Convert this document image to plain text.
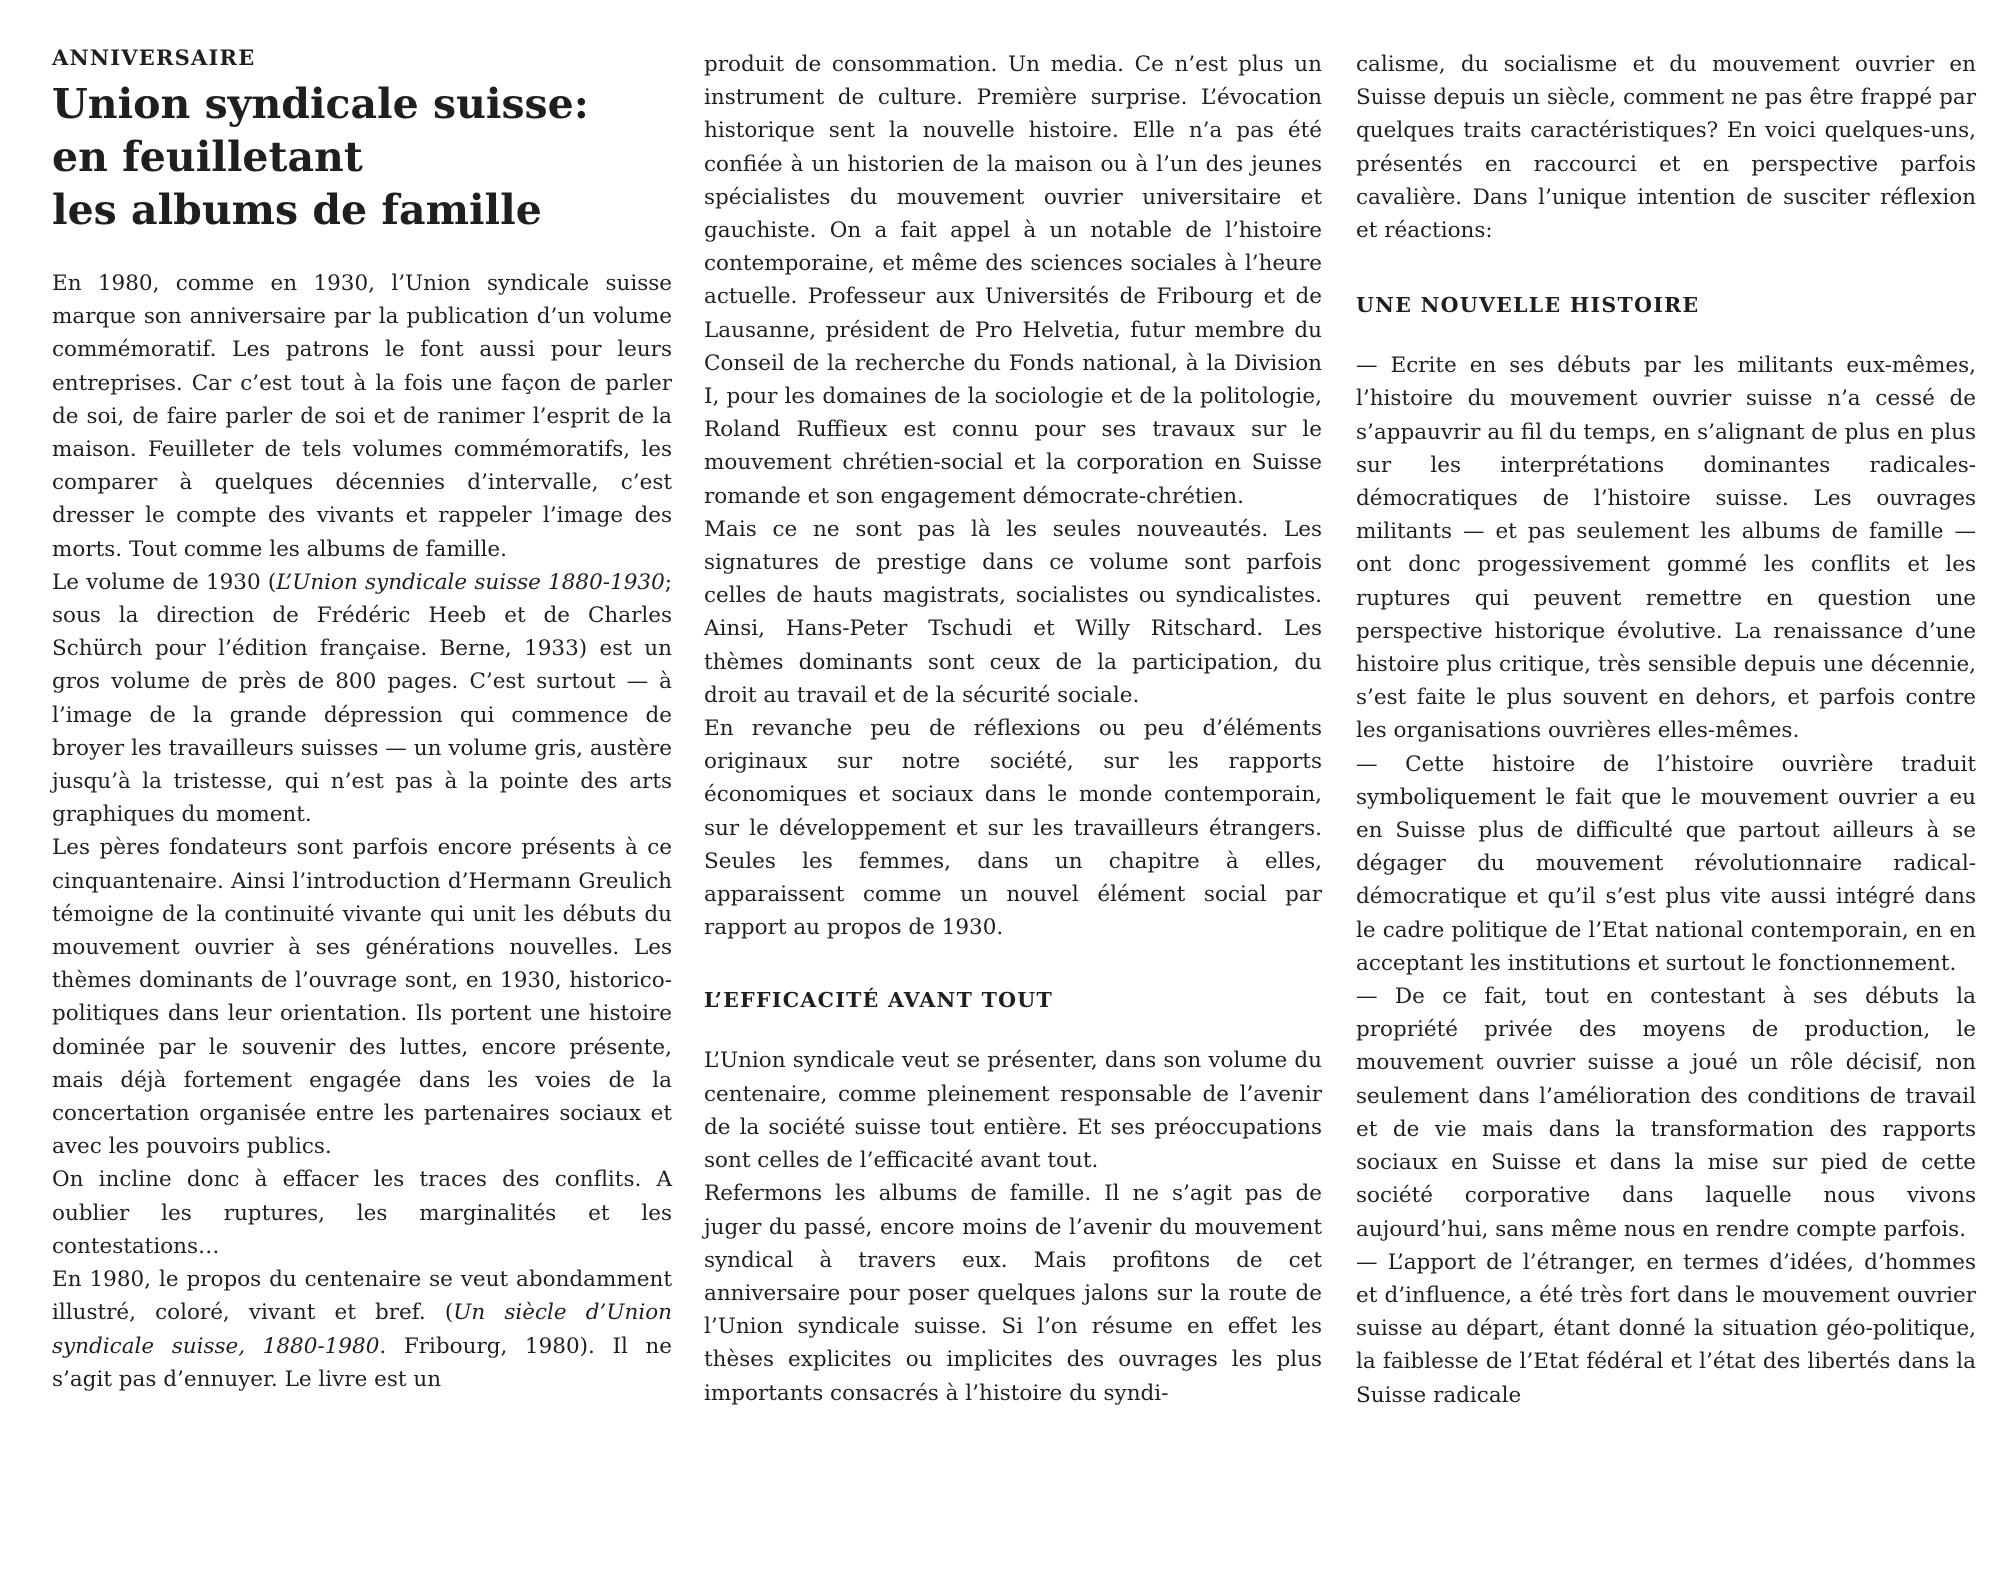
ANNIVERSAIRE
Union syndicale suisse:
en feuilletant
les albums de famille

En 1980, comme en 1930, l’Union syndicale suisse marque son anniversaire par la publication d’un volume commémoratif. Les patrons le font aussi pour leurs entreprises. Car c’est tout à la fois une façon de parler de soi, de faire parler de soi et de ranimer l’esprit de la maison. Feuilleter de tels volumes commémoratifs, les comparer à quelques décennies d’intervalle, c’est dresser le compte des vivants et rappeler l’image des morts. Tout comme les albums de famille.

Le volume de 1930 (L’Union syndicale suisse 1880-1930; sous la direction de Frédéric Heeb et de Charles Schürch pour l’édition française. Berne, 1933) est un gros volume de près de 800 pages. C’est surtout — à l’image de la grande dépression qui commence de broyer les travailleurs suisses — un volume gris, austère jusqu’à la tristesse, qui n’est pas à la pointe des arts graphiques du moment.

Les pères fondateurs sont parfois encore présents à ce cinquantenaire. Ainsi l’introduction d’Hermann Greulich témoigne de la continuité vivante qui unit les débuts du mouvement ouvrier à ses générations nouvelles. Les thèmes dominants de l’ouvrage sont, en 1930, historico-politiques dans leur orientation. Ils portent une histoire dominée par le souvenir des luttes, encore présente, mais déjà fortement engagée dans les voies de la concertation organisée entre les partenaires sociaux et avec les pouvoirs publics.

On incline donc à effacer les traces des conflits. A oublier les ruptures, les marginalités et les contestations…

En 1980, le propos du centenaire se veut abondamment illustré, coloré, vivant et bref. (Un siècle d’Union syndicale suisse, 1880-1980. Fribourg, 1980). Il ne s’agit pas d’ennuyer. Le livre est un

produit de consommation. Un media. Ce n’est plus un instrument de culture. Première surprise. L’évocation historique sent la nouvelle histoire. Elle n’a pas été confiée à un historien de la maison ou à l’un des jeunes spécialistes du mouvement ouvrier universitaire et gauchiste. On a fait appel à un notable de l’histoire contemporaine, et même des sciences sociales à l’heure actuelle. Professeur aux Universités de Fribourg et de Lausanne, président de Pro Helvetia, futur membre du Conseil de la recherche du Fonds national, à la Division I, pour les domaines de la sociologie et de la politologie, Roland Ruffieux est connu pour ses travaux sur le mouvement chrétien-social et la corporation en Suisse romande et son engagement démocrate-chrétien.

Mais ce ne sont pas là les seules nouveautés. Les signatures de prestige dans ce volume sont parfois celles de hauts magistrats, socialistes ou syndicalistes. Ainsi, Hans-Peter Tschudi et Willy Ritschard. Les thèmes dominants sont ceux de la participation, du droit au travail et de la sécurité sociale.

En revanche peu de réflexions ou peu d’éléments originaux sur notre société, sur les rapports économiques et sociaux dans le monde contemporain, sur le développement et sur les travailleurs étrangers. Seules les femmes, dans un chapitre à elles, apparaissent comme un nouvel élément social par rapport au propos de 1930.

L’EFFICACITÉ AVANT TOUT

L’Union syndicale veut se présenter, dans son volume du centenaire, comme pleinement responsable de l’avenir de la société suisse tout entière. Et ses préoccupations sont celles de l’efficacité avant tout.

Refermons les albums de famille. Il ne s’agit pas de juger du passé, encore moins de l’avenir du mouvement syndical à travers eux. Mais profitons de cet anniversaire pour poser quelques jalons sur la route de l’Union syndicale suisse. Si l’on résume en effet les thèses explicites ou implicites des ouvrages les plus importants consacrés à l’histoire du syndi-

calisme, du socialisme et du mouvement ouvrier en Suisse depuis un siècle, comment ne pas être frappé par quelques traits caractéristiques? En voici quelques-uns, présentés en raccourci et en perspective parfois cavalière. Dans l’unique intention de susciter réflexion et réactions:

UNE NOUVELLE HISTOIRE

— Ecrite en ses débuts par les militants eux-mêmes, l’histoire du mouvement ouvrier suisse n’a cessé de s’appauvrir au fil du temps, en s’alignant de plus en plus sur les interprétations dominantes radicales-démocratiques de l’histoire suisse. Les ouvrages militants — et pas seulement les albums de famille — ont donc progessivement gommé les conflits et les ruptures qui peuvent remettre en question une perspective historique évolutive. La renaissance d’une histoire plus critique, très sensible depuis une décennie, s’est faite le plus souvent en dehors, et parfois contre les organisations ouvrières elles-mêmes.

— Cette histoire de l’histoire ouvrière traduit symboliquement le fait que le mouvement ouvrier a eu en Suisse plus de difficulté que partout ailleurs à se dégager du mouvement révolutionnaire radical-démocratique et qu’il s’est plus vite aussi intégré dans le cadre politique de l’Etat national contemporain, en en acceptant les institutions et surtout le fonctionnement.

— De ce fait, tout en contestant à ses débuts la propriété privée des moyens de production, le mouvement ouvrier suisse a joué un rôle décisif, non seulement dans l’amélioration des conditions de travail et de vie mais dans la transformation des rapports sociaux en Suisse et dans la mise sur pied de cette société corporative dans laquelle nous vivons aujourd’hui, sans même nous en rendre compte parfois.

— L’apport de l’étranger, en termes d’idées, d’hommes et d’influence, a été très fort dans le mouvement ouvrier suisse au départ, étant donné la situation géo-politique, la faiblesse de l’Etat fédéral et l’état des libertés dans la Suisse radicale
